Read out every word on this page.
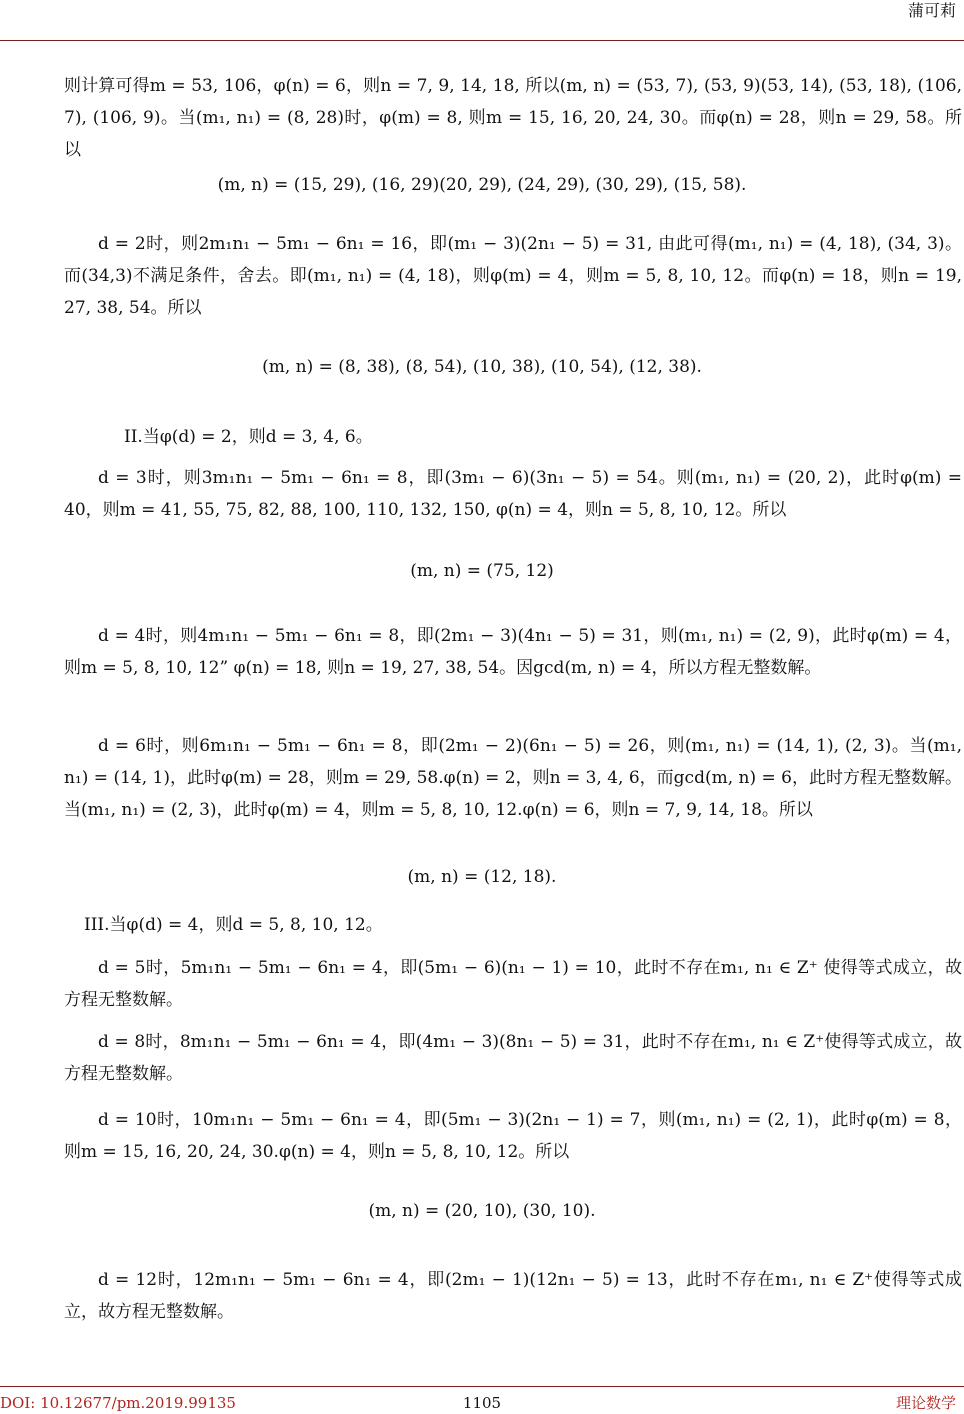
蒲可莉

则计算可得m = 53, 106，φ(n) = 6，则n = 7, 9, 14, 18, 所以(m, n) = (53, 7), (53, 9)(53, 14), (53, 18), (106, 7), (106, 9)。当(m₁, n₁) = (8, 28)时，φ(m) = 8, 则m = 15, 16, 20, 24, 30。而φ(n) = 28，则n = 29, 58。所以

(m, n) = (15, 29), (16, 29)(20, 29), (24, 29), (30, 29), (15, 58).

d = 2时，则2m₁n₁ − 5m₁ − 6n₁ = 16，即(m₁ − 3)(2n₁ − 5) = 31, 由此可得(m₁, n₁) = (4, 18), (34, 3)。而(34,3)不满足条件，舍去。即(m₁, n₁) = (4, 18)，则φ(m) = 4，则m = 5, 8, 10, 12。而φ(n) = 18，则n = 19, 27, 38, 54。所以

(m, n) = (8, 38), (8, 54), (10, 38), (10, 54), (12, 38).
II.当φ(d) = 2，则d = 3, 4, 6。

d = 3时，则3m₁n₁ − 5m₁ − 6n₁ = 8，即(3m₁ − 6)(3n₁ − 5) = 54。则(m₁, n₁) = (20, 2)，此时φ(m) = 40，则m = 41, 55, 75, 82, 88, 100, 110, 132, 150, φ(n) = 4，则n = 5, 8, 10, 12。所以

(m, n) = (75, 12)

d = 4时，则4m₁n₁ − 5m₁ − 6n₁ = 8，即(2m₁ − 3)(4n₁ − 5) = 31，则(m₁, n₁) = (2, 9)，此时φ(m) = 4，则m = 5, 8, 10, 12” φ(n) = 18, 则n = 19, 27, 38, 54。因gcd(m, n) = 4，所以方程无整数解。

d = 6时，则6m₁n₁ − 5m₁ − 6n₁ = 8，即(2m₁ − 2)(6n₁ − 5) = 26，则(m₁, n₁) = (14, 1), (2, 3)。当(m₁, n₁) = (14, 1)，此时φ(m) = 28，则m = 29, 58.φ(n) = 2，则n = 3, 4, 6，而gcd(m, n) = 6，此时方程无整数解。当(m₁, n₁) = (2, 3)，此时φ(m) = 4，则m = 5, 8, 10, 12.φ(n) = 6，则n = 7, 9, 14, 18。所以

(m, n) = (12, 18).
III.当φ(d) = 4，则d = 5, 8, 10, 12。

d = 5时，5m₁n₁ − 5m₁ − 6n₁ = 4，即(5m₁ − 6)(n₁ − 1) = 10，此时不存在m₁, n₁ ∈ Z⁺ 使得等式成立，故方程无整数解。

d = 8时，8m₁n₁ − 5m₁ − 6n₁ = 4，即(4m₁ − 3)(8n₁ − 5) = 31，此时不存在m₁, n₁ ∈ Z⁺使得等式成立，故方程无整数解。

d = 10时，10m₁n₁ − 5m₁ − 6n₁ = 4，即(5m₁ − 3)(2n₁ − 1) = 7，则(m₁, n₁) = (2, 1)，此时φ(m) = 8，则m = 15, 16, 20, 24, 30.φ(n) = 4，则n = 5, 8, 10, 12。所以

(m, n) = (20, 10), (30, 10).

d = 12时，12m₁n₁ − 5m₁ − 6n₁ = 4，即(2m₁ − 1)(12n₁ − 5) = 13，此时不存在m₁, n₁ ∈ Z⁺使得等式成立，故方程无整数解。

DOI: 10.12677/pm.2019.99135	1105	理论数学
